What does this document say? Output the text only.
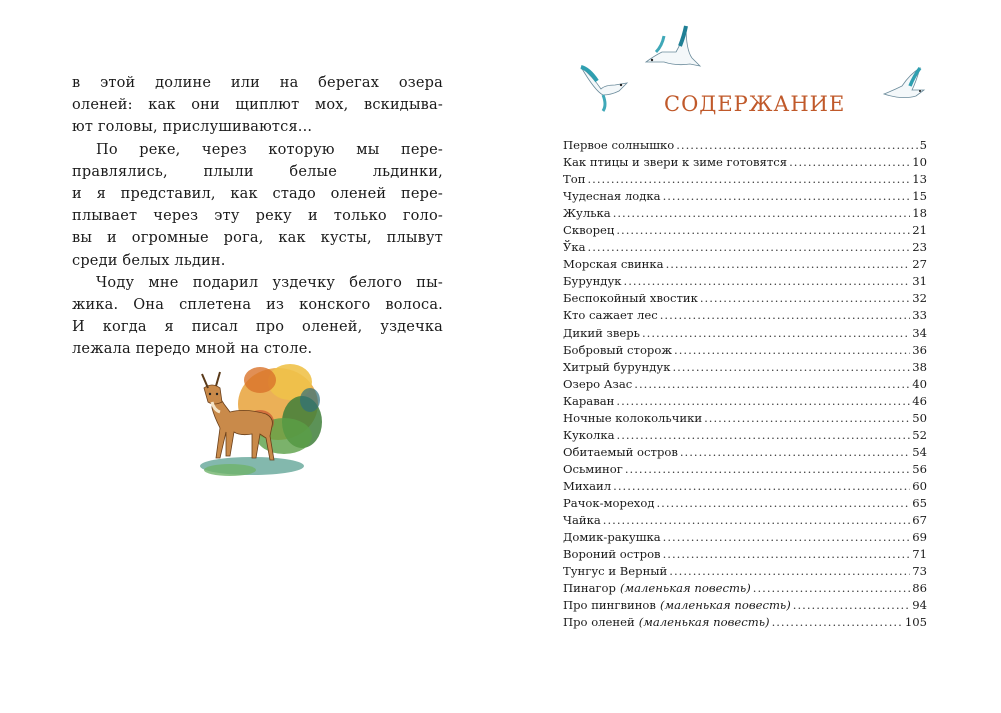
в этой долине или на берегах озера
оленей: как они щиплют мох, вскидыва-
ют головы, прислушиваются...
По реке, через которую мы пере-
правлялись, плыли белые льдинки,
и я представил, как стадо оленей пере-
плывает через эту реку и только голо-
вы и огромные рога, как кусты, плывут
среди белых льдин.
Чоду мне подарил уздечку белого пы-
жика. Она сплетена из конского волоса.
И когда я писал про оленей, уздечка
лежала передо мной на столе.
СОДЕРЖАНИЕ
Первое солнышко .....	5
Как птицы и звери к зиме готовятся .....	10
Топ .....	13
Чудесная лодка .....	15
Жулька .....	18
Скворец .....	21
Ўка .....	23
Морская свинка .....	27
Бурундук .....	31
Беспокойный хвостик .....	32
Кто сажает лес .....	33
Дикий зверь .....	34
Бобровый сторож .....	36
Хитрый бурундук .....	38
Озеро Азас .....	40
Караван .....	46
Ночные колокольчики .....	50
Куколка .....	52
Обитаемый остров .....	54
Осьминог .....	56
Михаил .....	60
Рачок-мореход .....	65
Чайка .....	67
Домик-ракушка .....	69
Вороний остров .....	71
Тунгус и Верный .....	73
Пинагор (маленькая повесть) .....	86
Про пингвинов (маленькая повесть) .....	94
Про оленей (маленькая повесть) .....	105
